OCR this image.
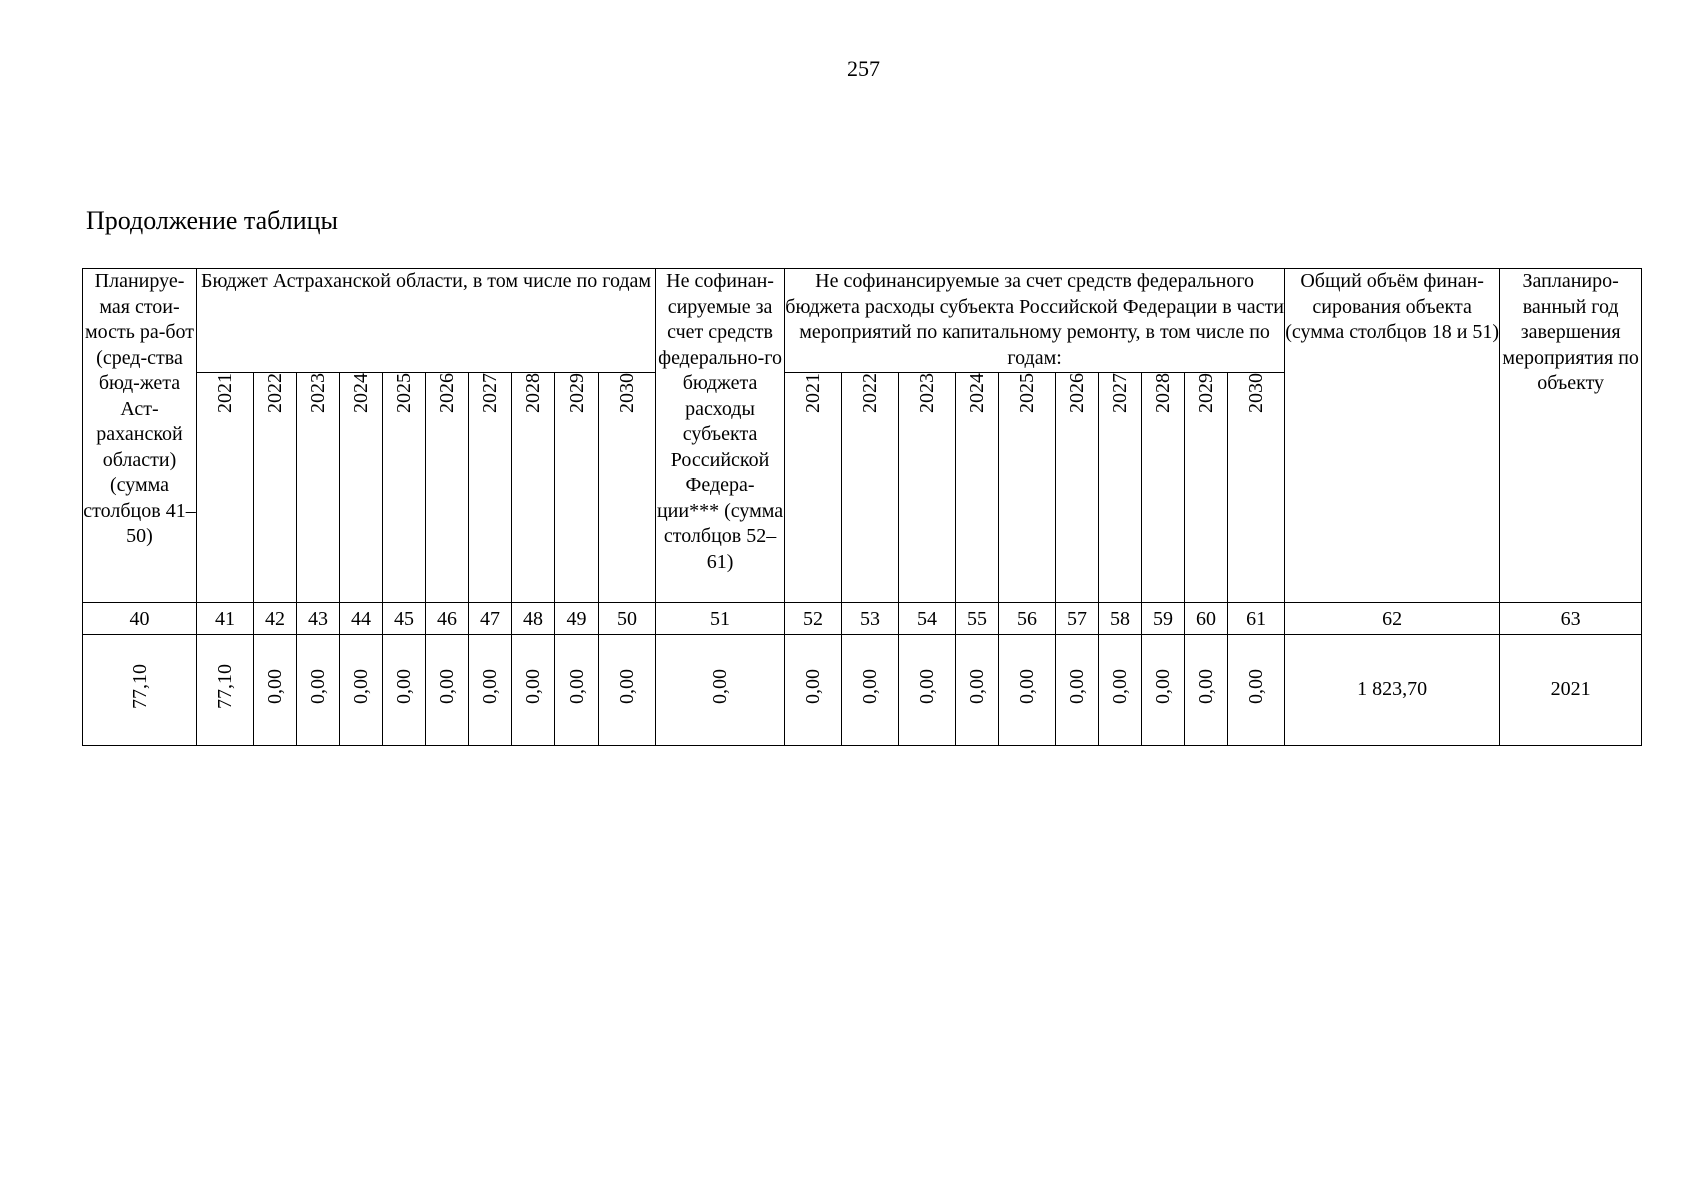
257
Продолжение таблицы
Планируе-мая стои-мость ра-бот (сред-ства бюд-жета Аст-раханской области) (сумма столбцов 41–50)	Бюджет Астраханской области, в том числе по годам										Не софинан-сируемые за счет средств федерально-го бюджета расходы субъекта Российской Федера-ции*** (сумма столбцов 52–61)	Не софинансируемые за счет средств федерального бюджета расходы субъекта Российской Федерации в части мероприятий по капитальному ремонту, в том числе по годам:										Общий объём финан-сирования объекта (сумма столбцов 18 и 51)	Запланиро-ванный год завершения мероприятия по объекту
	2021	2022	2023	2024	2025	2026	2027	2028	2029	2030		2021	2022	2023	2024	2025	2026	2027	2028	2029	2030		
40	41	42	43	44	45	46	47	48	49	50	51	52	53	54	55	56	57	58	59	60	61	62	63
77,10	77,10	0,00	0,00	0,00	0,00	0,00	0,00	0,00	0,00	0,00	0,00	0,00	0,00	0,00	0,00	0,00	0,00	0,00	0,00	0,00	0,00	1 823,70	2021
